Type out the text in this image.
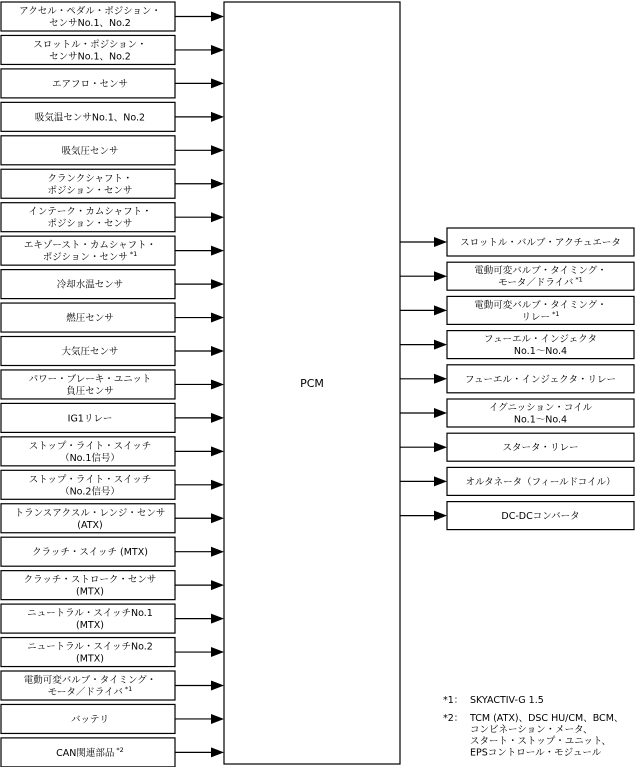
PCM
アクセル・ペダル・ポジション・
センサNo.1、No.2
スロットル・ポジション・
センサNo.1、No.2
エアフロ・センサ
吸気温センサNo.1、No.2
吸気圧センサ
クランクシャフト・
ポジション・センサ
インテーク・カムシャフト・
ポジション・センサ
エキゾースト・カムシャフト・
ポジション・センサ $^{*1}$
冷却水温センサ
燃圧センサ
大気圧センサ
パワー・ブレーキ・ユニット
負圧センサ
IG1リレー
ストップ・ライト・スイッチ
（No.1信号）
ストップ・ライト・スイッチ
（No.2信号）
トランスアクスル・レンジ・センサ
(ATX)
クラッチ・スイッチ (MTX)
クラッチ・ストローク・センサ
(MTX)
ニュートラル・スイッチNo.1
(MTX)
ニュートラル・スイッチNo.2
(MTX)
電動可変バルブ・タイミング・
モータ／ドライバ $^{*1}$
バッテリ
CAN関連部品 $^{*2}$
スロットル・バルブ・アクチュエータ
電動可変バルブ・タイミング・
モータ／ドライバ $^{*1}$
電動可変バルブ・タイミング・
リレー $^{*1}$
フューエル・インジェクタ
No.1〜No.4
フューエル・インジェクタ・リレー
イグニッション・コイル
No.1〜No.4
スタータ・リレー
オルタネータ（フィールドコイル）
DC-DCコンバータ
*1： SKYACTIV-G 1.5
*2： TCM (ATX)、DSC HU/CM、BCM、
コンビネーション・メータ、
スタート・ストップ・ユニット、
EPSコントロール・モジュール
